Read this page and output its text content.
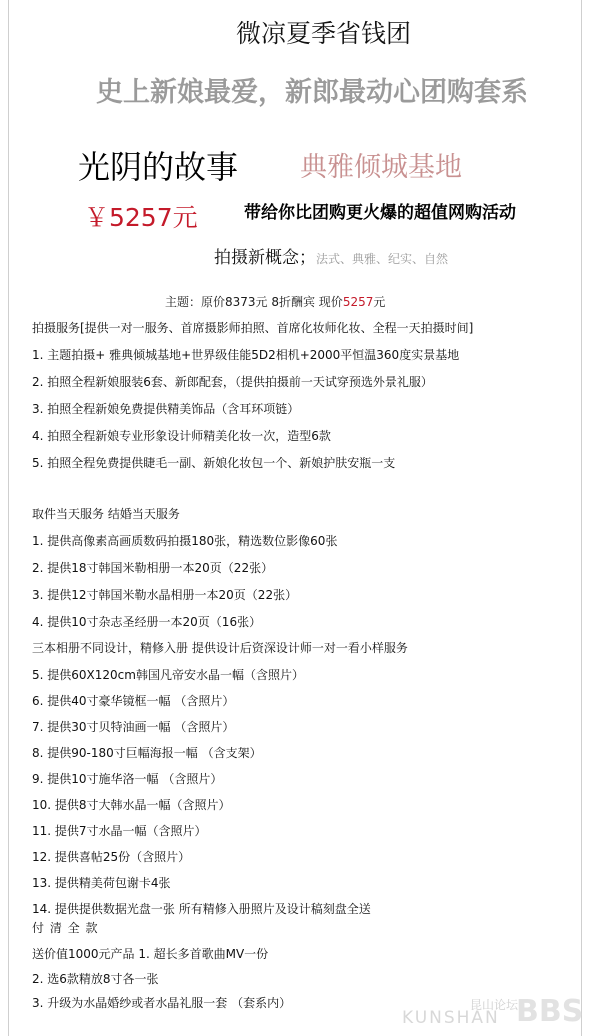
微凉夏季省钱团
史上新娘最爱，新郎最动心团购套系
光阴的故事 典雅倾城基地
￥5257元	带给你比团购更火爆的超值网购活动
拍摄新概念；法式、典雅、纪实、自然
主题：原价8373元 8折酬宾 现价5257元
拍摄服务[提供一对一服务、首席摄影师拍照、首席化妆师化妆、全程一天拍摄时间]
1. 主题拍摄+ 雅典倾城基地+世界级佳能5D2相机+2000平恒温360度实景基地
2. 拍照全程新娘服装6套、新郎配套，（提供拍摄前一天试穿预选外景礼服）
3. 拍照全程新娘免费提供精美饰品（含耳环项链）
4. 拍照全程新娘专业形象设计师精美化妆一次，造型6款
5. 拍照全程免费提供睫毛一副、新娘化妆包一个、新娘护肤安瓶一支
取件当天服务 结婚当天服务
1. 提供高像素高画质数码拍摄180张，精选数位影像60张
2. 提供18寸韩国米勒相册一本20页（22张）
3. 提供12寸韩国米勒水晶相册一本20页（22张）
4. 提供10寸杂志圣经册一本20页（16张）
三本相册不同设计，精修入册 提供设计后资深设计师一对一看小样服务
5. 提供60X120cm韩国凡帝安水晶一幅（含照片）
6. 提供40寸豪华镜框一幅 （含照片）
7. 提供30寸贝特油画一幅 （含照片）
8. 提供90-180寸巨幅海报一幅 （含支架）
9. 提供10寸施华洛一幅 （含照片）
10. 提供8寸大韩水晶一幅（含照片）
11. 提供7寸水晶一幅（含照片）
12. 提供喜帖25份（含照片）
13. 提供精美荷包谢卡4张
14. 提供提供数据光盘一张 所有精修入册照片及设计稿刻盘全送
付 清 全 款
送价值1000元产品 1. 超长多首歌曲MV一份
2. 选6款精放8寸各一张
3. 升级为水晶婚纱或者水晶礼服一套 （套系内）	昆山论坛
KUNSHAN BBS
